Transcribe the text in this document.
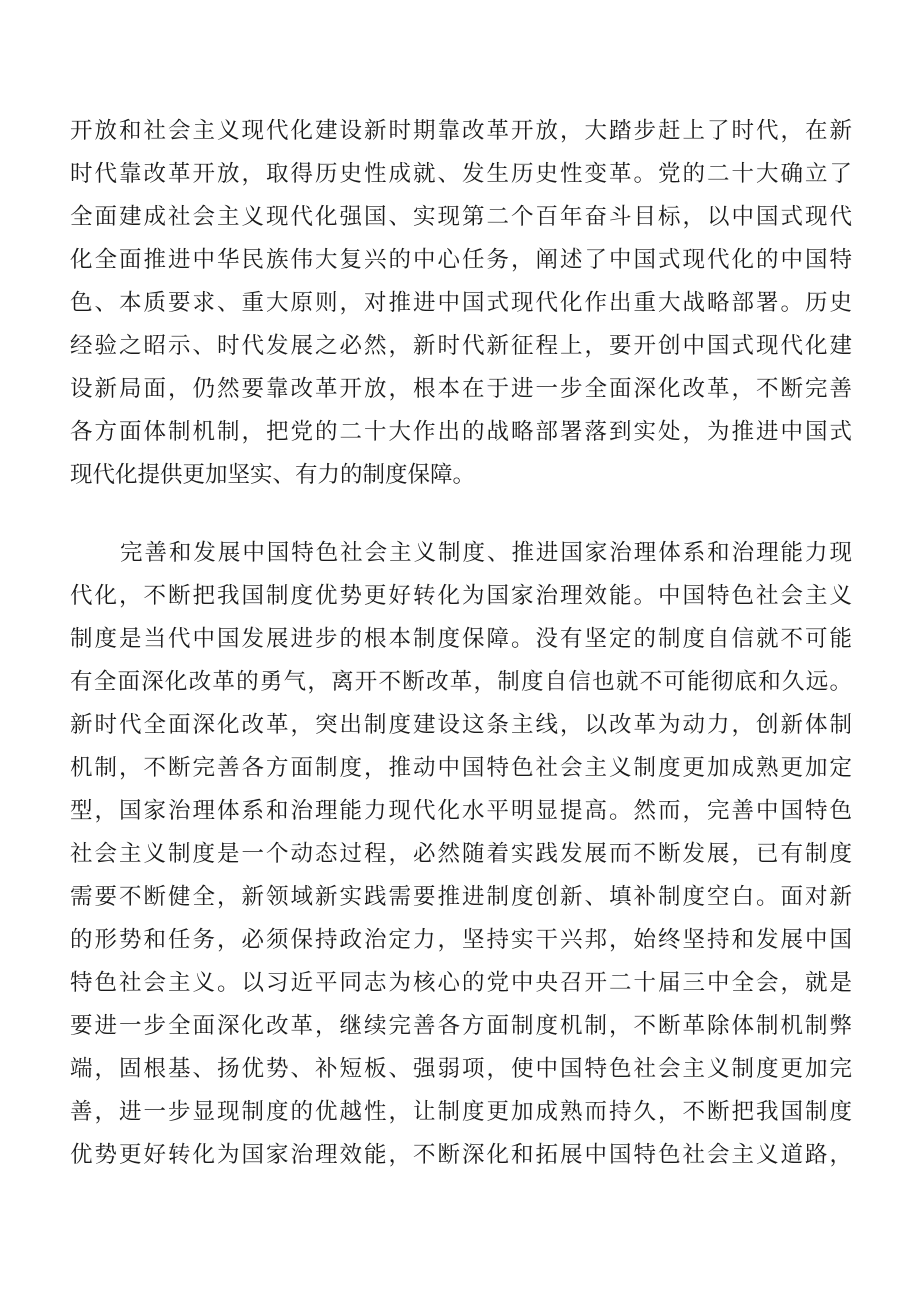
开放和社会主义现代化建设新时期靠改革开放，大踏步赶上了时代，在新
时代靠改革开放，取得历史性成就、发生历史性变革。党的二十大确立了
全面建成社会主义现代化强国、实现第二个百年奋斗目标，以中国式现代
化全面推进中华民族伟大复兴的中心任务，阐述了中国式现代化的中国特
色、本质要求、重大原则，对推进中国式现代化作出重大战略部署。历史
经验之昭示、时代发展之必然，新时代新征程上，要开创中国式现代化建
设新局面，仍然要靠改革开放，根本在于进一步全面深化改革，不断完善
各方面体制机制，把党的二十大作出的战略部署落到实处，为推进中国式
现代化提供更加坚实、有力的制度保障。
完善和发展中国特色社会主义制度、推进国家治理体系和治理能力现
代化，不断把我国制度优势更好转化为国家治理效能。中国特色社会主义
制度是当代中国发展进步的根本制度保障。没有坚定的制度自信就不可能
有全面深化改革的勇气，离开不断改革，制度自信也就不可能彻底和久远。
新时代全面深化改革，突出制度建设这条主线，以改革为动力，创新体制
机制，不断完善各方面制度，推动中国特色社会主义制度更加成熟更加定
型，国家治理体系和治理能力现代化水平明显提高。然而，完善中国特色
社会主义制度是一个动态过程，必然随着实践发展而不断发展，已有制度
需要不断健全，新领域新实践需要推进制度创新、填补制度空白。面对新
的形势和任务，必须保持政治定力，坚持实干兴邦，始终坚持和发展中国
特色社会主义。以习近平同志为核心的党中央召开二十届三中全会，就是
要进一步全面深化改革，继续完善各方面制度机制，不断革除体制机制弊
端，固根基、扬优势、补短板、强弱项，使中国特色社会主义制度更加完
善，进一步显现制度的优越性，让制度更加成熟而持久，不断把我国制度
优势更好转化为国家治理效能，不断深化和拓展中国特色社会主义道路，
